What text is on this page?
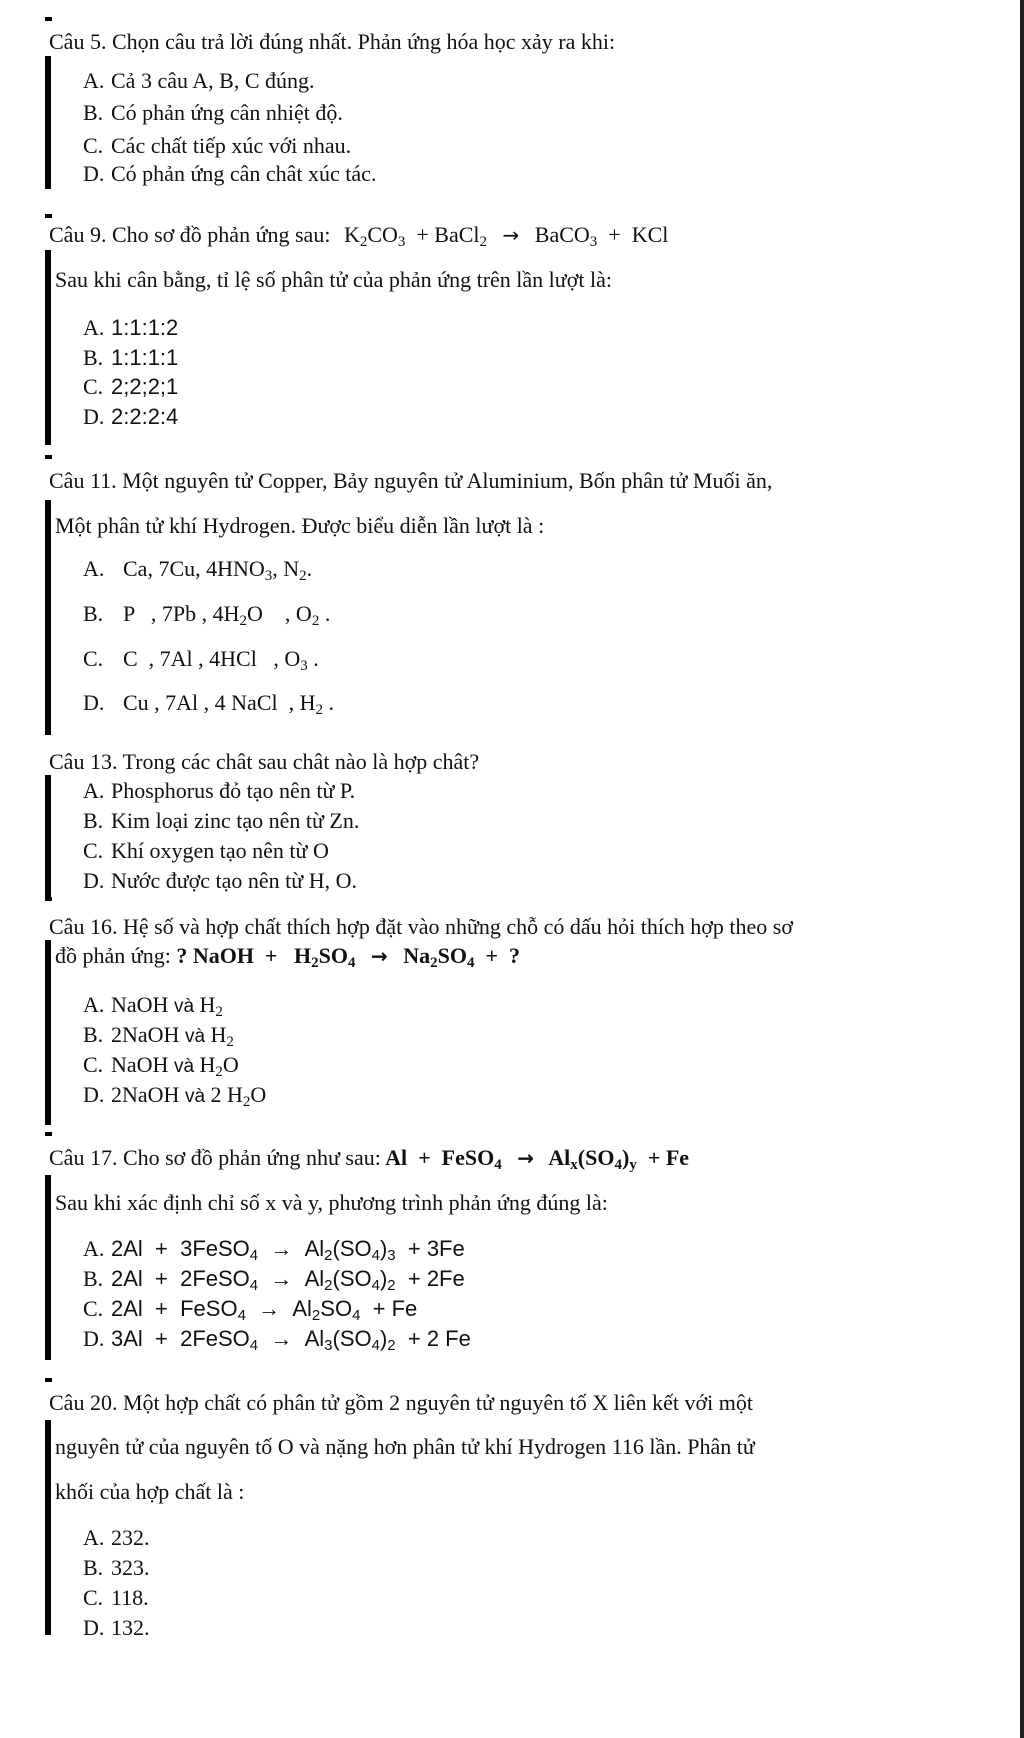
Câu 5. Chọn câu trả lời đúng nhất. Phản ứng hóa học xảy ra khi:
A. Cả 3 câu A, B, C đúng.
B. Có phản ứng cân nhiệt độ.
C. Các chất tiếp xúc với nhau.
D. Có phản ứng cân chât xúc tác.
Câu 9. Cho sơ đồ phản ứng sau: $K_2CO_3$  + BaCl$_2$ → BaCO$_3$  +  KCl
Sau khi cân bằng, tỉ lệ số phân tử của phản ứng trên lần lượt là:
A. 1:1:1:2
B. 1:1:1:1
C. 2;2;2;1
D. 2:2:2:4
Câu 11. Một nguyên tử Copper, Bảy nguyên tử Aluminium, Bốn phân tử Muối ăn,
Một phân tử khí Hydrogen. Được biểu diễn lần lượt là :
A. Ca, 7Cu, $4HNO_3$, $N_2$.
B. P   , 7Pb , $4H_2O$    , $O_2$ .
C. C  , 7Al , 4HCl   , $O_3$ .
D. Cu , 7Al , 4 NaCl  , $H_2$ .
Câu 13. Trong các chât sau chât nào là hợp chât?
A. Phosphorus đỏ tạo nên từ P.
B. Kim loại zinc tạo nên từ Zn.
C. Khí oxygen tạo nên từ O
D. Nước được tạo nên từ H, O.
Câu 16. Hệ số và hợp chất thích hợp đặt vào những chỗ có dấu hỏi thích hợp theo sơ
đồ phản ứng: ? NaOH  +   $H_2SO_4 \to Na_2SO_4$  +  ?
A. NaOH và $H_2$
B. 2NaOH và $H_2$
C. NaOH và $H_2O$
D. 2NaOH và 2 $H_2O$
Câu 17. Cho sơ đồ phản ứng như sau: Al  +  FeSO$_4$ → $Al_x(SO_4)_y + Fe$
Sau khi xác định chỉ số x và y, phương trình phản ứng đúng là:
A. 2Al  +  3FeSO$_4$  →  $Al_2(SO_4)_3 + 3Fe$
B. 2Al  +  2FeSO$_4$  →  $Al_2(SO_4)_2 + 2Fe$
C. 2Al  +  FeSO$_4$  →  $Al_2SO_4 + Fe$
D. 3Al  +  2FeSO$_4$  →  $Al_3(SO_4)_2 + 2$ Fe
Câu 20. Một hợp chất có phân tử gồm 2 nguyên tử nguyên tố X liên kết với một
nguyên tử của nguyên tố O và nặng hơn phân tử khí Hydrogen 116 lần. Phân tử
khối của hợp chất là :
A. 232.
B. 323.
C. 118.
D. 132.
